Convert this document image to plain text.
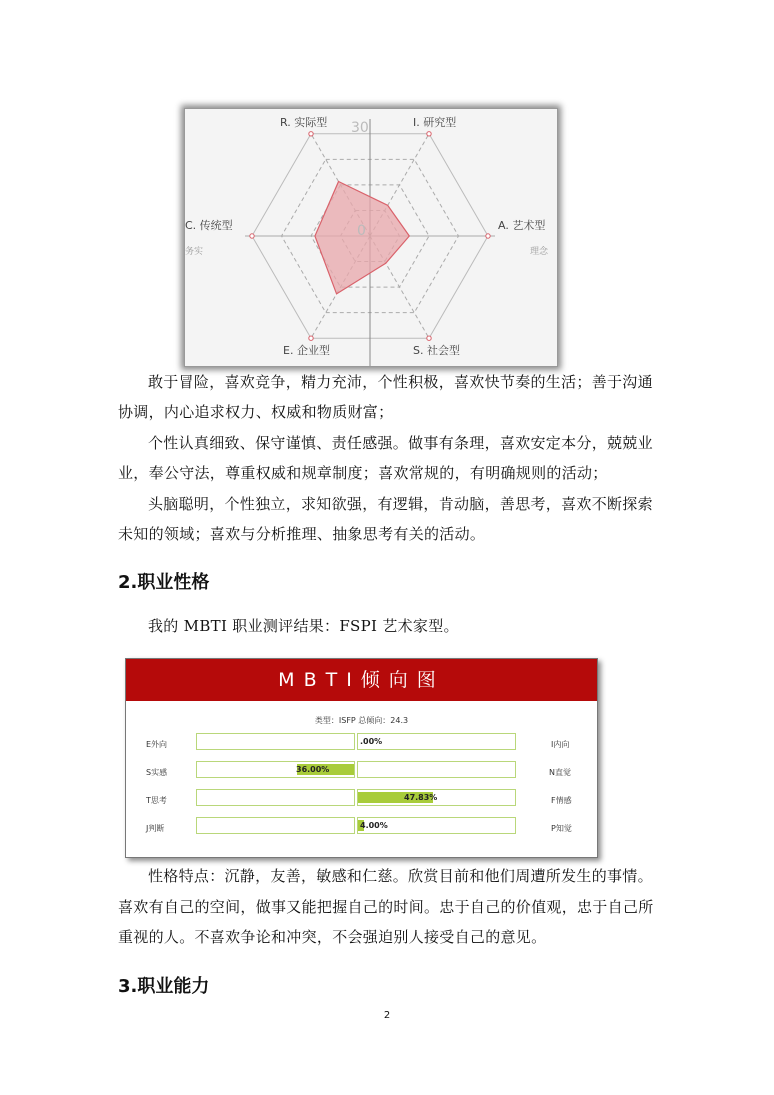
30
0
R. 实际型	I. 研究型
A. 艺术型
C. 传统型
E. 企业型	S. 社会型
务实	理念
敢于冒险，喜欢竞争，精力充沛，个性积极，喜欢快节奏的生活；善于沟通
协调，内心追求权力、权威和物质财富；
个性认真细致、保守谨慎、责任感强。做事有条理，喜欢安定本分，兢兢业
业，奉公守法，尊重权威和规章制度；喜欢常规的，有明确规则的活动；
头脑聪明，个性独立，求知欲强，有逻辑，肯动脑，善思考，喜欢不断探索
未知的领域；喜欢与分析推理、抽象思考有关的活动。
2.职业性格
我的 MBTI 职业测评结果：FSPI 艺术家型。
MBTI倾向图
类型：ISFP 总倾向：24.3
E外向	.00%	I内向
S实感	36.00%	N直觉
T思考	47.83%	F情感
J判断	4.00%	P知觉
性格特点：沉静，友善，敏感和仁慈。欣赏目前和他们周遭所发生的事情。
喜欢有自己的空间，做事又能把握自己的时间。忠于自己的价值观，忠于自己所
重视的人。不喜欢争论和冲突，不会强迫别人接受自己的意见。
3.职业能力
2
